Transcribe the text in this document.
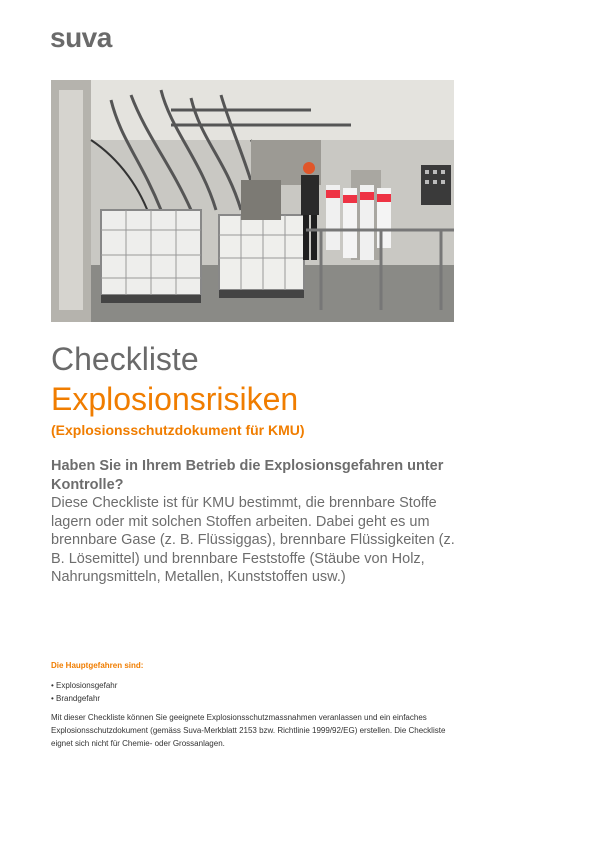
suva
Checkliste
Explosionsrisiken
(Explosionsschutzdokument für KMU)
Haben Sie in Ihrem Betrieb die Explosionsgefahren unter Kontrolle?
Diese Checkliste ist für KMU bestimmt, die brennbare Stoffe lagern oder mit solchen Stoffen arbeiten. Dabei geht es um brennbare Gase (z. B. Flüssiggas), brennbare Flüssigkeiten (z. B. Lösemittel) und brennbare Feststoffe (Stäube von Holz, Nahrungsmitteln, Metallen, Kunststoffen usw.)
Die Hauptgefahren sind:
• Explosionsgefahr
• Brandgefahr
Mit dieser Checkliste können Sie geeignete Explosionsschutzmassnahmen veranlassen und ein einfaches Explosionsschutzdokument (gemäss Suva-Merkblatt 2153 bzw. Richtlinie 1999/92/EG) erstellen. Die Checkliste eignet sich nicht für Chemie- oder Grossanlagen.
